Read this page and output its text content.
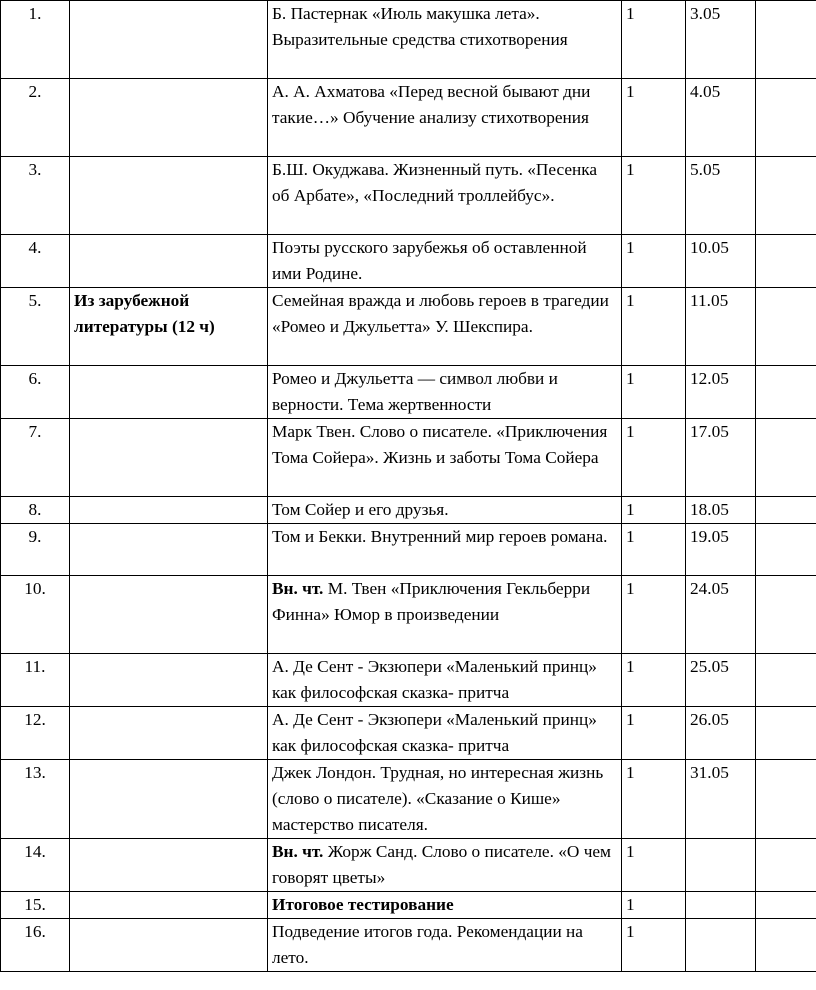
1.		Б. Пастернак «Июль макушка лета». Выразительные средства стихотворения	1	3.05	
2.		А. А. Ахматова «Перед весной бывают дни такие…» Обучение анализу стихотворения	1	4.05	
3.		Б.Ш. Окуджава. Жизненный путь. «Песенка об Арбате», «Последний троллейбус».	1	5.05	
4.		Поэты русского зарубежья об оставленной ими Родине.	1	10.05	
5.	Из зарубежной литературы (12 ч)	Семейная вражда и любовь героев в трагедии «Ромео и Джульетта» У. Шекспира.	1	11.05	
6.		Ромео и Джульетта — символ любви и верности. Тема жертвенности	1	12.05	
7.		Марк Твен. Слово о писателе. «Приключения Тома Сойера». Жизнь и заботы Тома Сойера	1	17.05	
8.		Том Сойер и его друзья.	1	18.05	
9.		Том и Бекки. Внутренний мир героев романа.	1	19.05	
10.		Вн. чт. М. Твен «Приключения Гекльберри Финна» Юмор в произведении	1	24.05	
11.		А. Де Сент - Экзюпери «Маленький принц» как философская сказка- притча	1	25.05	
12.		А. Де Сент - Экзюпери «Маленький принц» как философская сказка- притча	1	26.05	
13.		Джек Лондон. Трудная, но интересная жизнь (слово о писателе). «Сказание о Кише» мастерство писателя.	1	31.05	
14.		Вн. чт. Жорж Санд. Слово о писателе. «О чем говорят цветы»	1		
15.		Итоговое тестирование	1		
16.		Подведение итогов года. Рекомендации на лето.	1		
